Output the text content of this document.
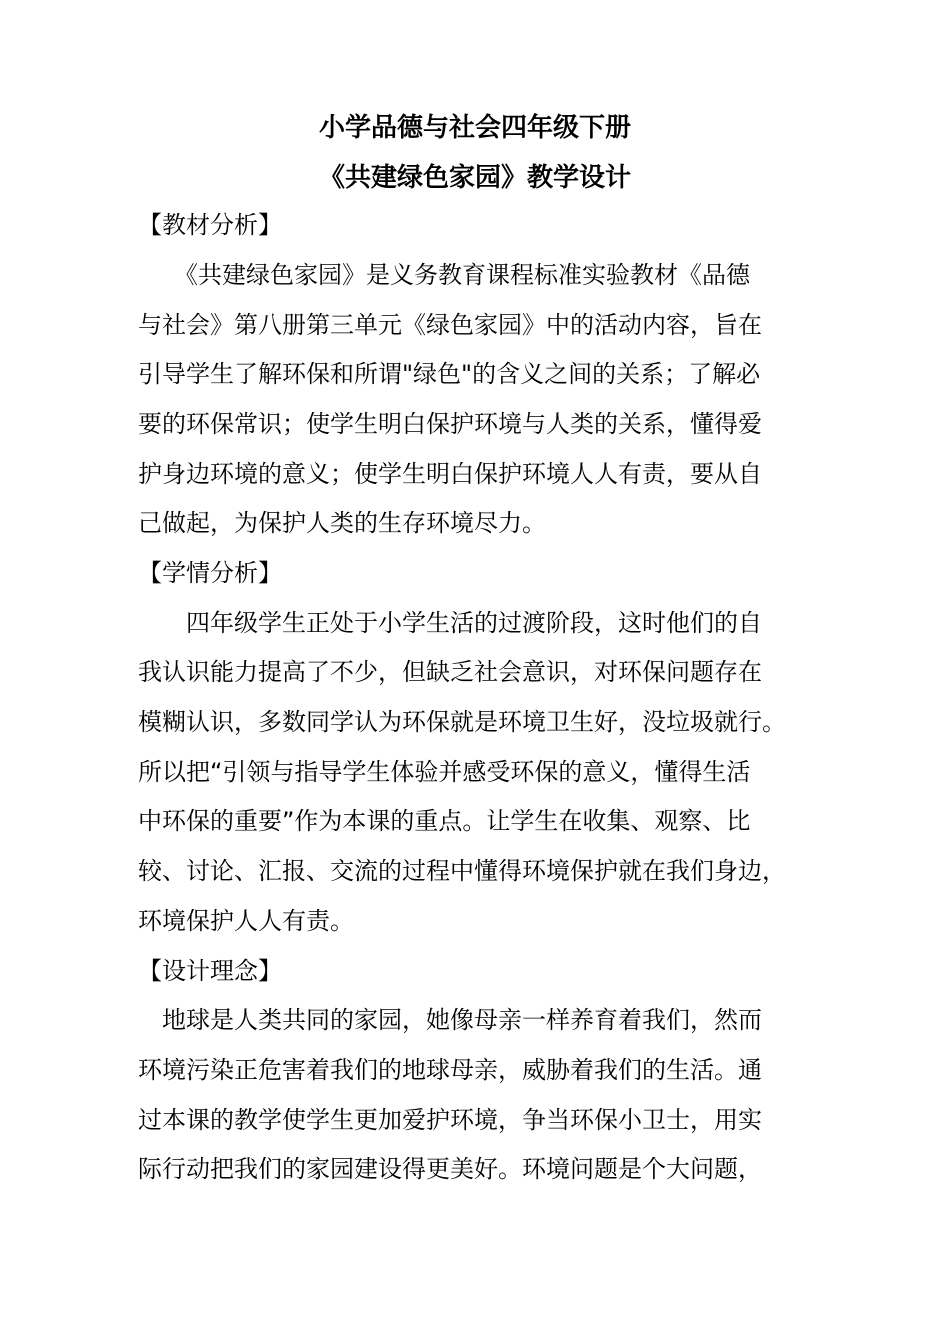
小学品德与社会四年级下册
《共建绿色家园》教学设计
【教材分析】
　　《共建绿色家园》是义务教育课程标准实验教材《品德
与社会》第八册第三单元《绿色家园》中的活动内容，旨在
引导学生了解环保和所谓"绿色"的含义之间的关系；了解必
要的环保常识；使学生明白保护环境与人类的关系，懂得爱
护身边环境的意义；使学生明白保护环境人人有责，要从自
己做起，为保护人类的生存环境尽力。
【学情分析】
　　四年级学生正处于小学生活的过渡阶段，这时他们的自
我认识能力提高了不少，但缺乏社会意识，对环保问题存在
模糊认识，多数同学认为环保就是环境卫生好，没垃圾就行。
所以把“引领与指导学生体验并感受环保的意义，懂得生活
中环保的重要”作为本课的重点。让学生在收集、观察、比
较、讨论、汇报、交流的过程中懂得环境保护就在我们身边，
环境保护人人有责。
【设计理念】
　地球是人类共同的家园，她像母亲一样养育着我们，然而
环境污染正危害着我们的地球母亲，威胁着我们的生活。通
过本课的教学使学生更加爱护环境，争当环保小卫士，用实
际行动把我们的家园建设得更美好。环境问题是个大问题，
